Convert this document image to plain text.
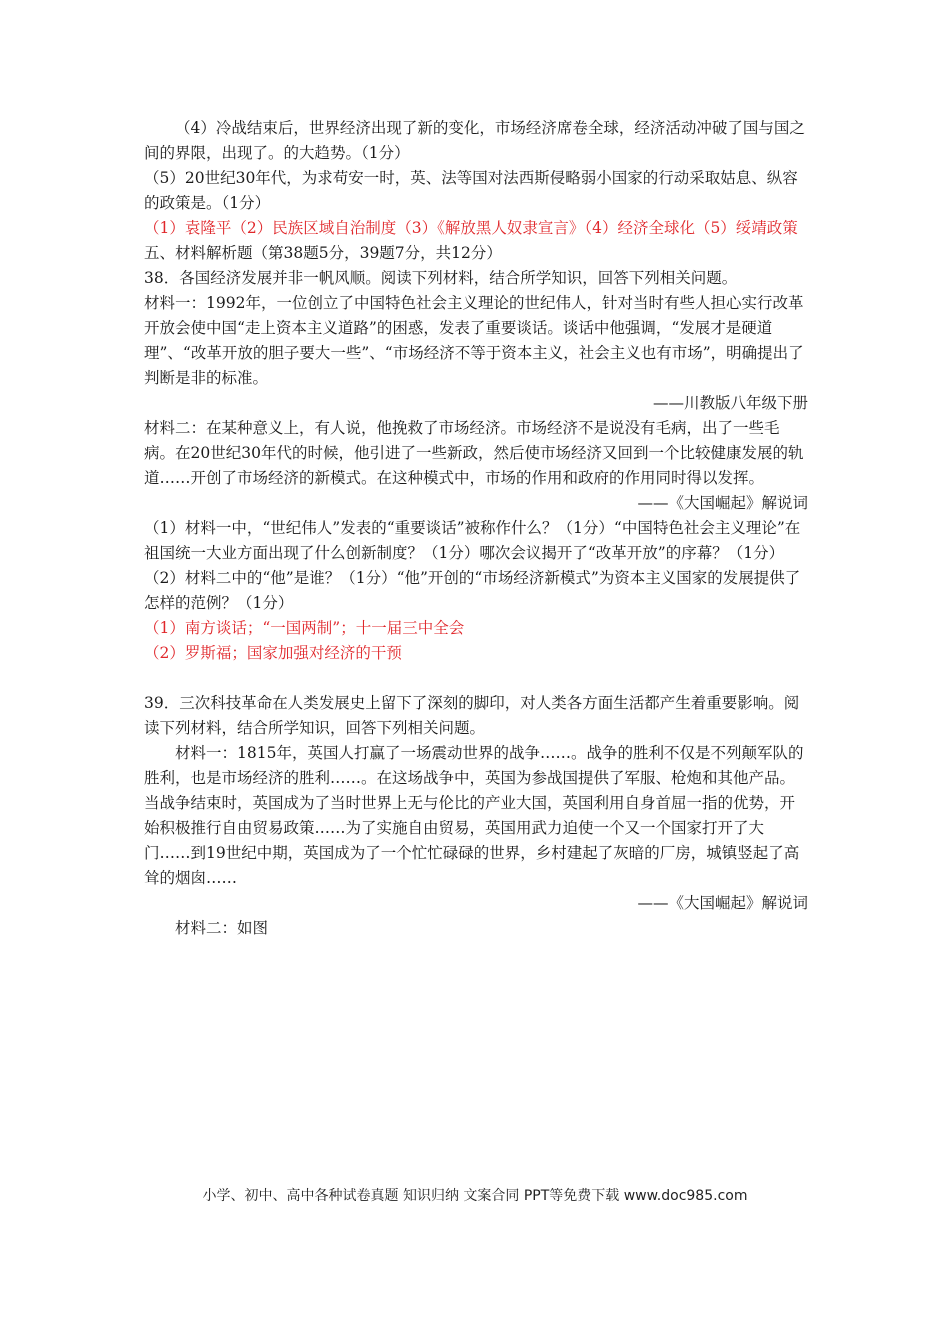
（4）冷战结束后，世界经济出现了新的变化，市场经济席卷全球，经济活动冲破了国与国之间的界限，出现了。的大趋势。（1分）

（5）20世纪30年代，为求苟安一时，英、法等国对法西斯侵略弱小国家的行动采取姑息、纵容的政策是。（1分）

（1）袁隆平（2）民族区域自治制度（3）《解放黑人奴隶宣言》（4）经济全球化（5）绥靖政策

五、材料解析题（第38题5分，39题7分，共12分）

38．各国经济发展并非一帆风顺。阅读下列材料，结合所学知识，回答下列相关问题。

材料一：1992年，一位创立了中国特色社会主义理论的世纪伟人，针对当时有些人担心实行改革开放会使中国“走上资本主义道路”的困惑，发表了重要谈话。谈话中他强调，“发展才是硬道理”、“改革开放的胆子要大一些”、“市场经济不等于资本主义，社会主义也有市场”，明确提出了判断是非的标准。

——川教版八年级下册

材料二：在某种意义上，有人说，他挽救了市场经济。市场经济不是说没有毛病，出了一些毛病。在20世纪30年代的时候，他引进了一些新政，然后使市场经济又回到一个比较健康发展的轨道……开创了市场经济的新模式。在这种模式中，市场的作用和政府的作用同时得以发挥。

——《大国崛起》解说词

（1）材料一中，“世纪伟人”发表的“重要谈话”被称作什么？（1分）“中国特色社会主义理论”在祖国统一大业方面出现了什么创新制度？（1分）哪次会议揭开了“改革开放”的序幕？（1分）

（2）材料二中的“他”是谁？（1分）“他”开创的“市场经济新模式”为资本主义国家的发展提供了怎样的范例？（1分）

（1）南方谈话；“一国两制”；十一届三中全会

（2）罗斯福；国家加强对经济的干预

39．三次科技革命在人类发展史上留下了深刻的脚印，对人类各方面生活都产生着重要影响。阅读下列材料，结合所学知识，回答下列相关问题。

材料一：1815年，英国人打赢了一场震动世界的战争……。战争的胜利不仅是不列颠军队的胜利，也是市场经济的胜利……。在这场战争中，英国为参战国提供了军服、枪炮和其他产品。当战争结束时，英国成为了当时世界上无与伦比的产业大国，英国利用自身首屈一指的优势，开始积极推行自由贸易政策……为了实施自由贸易，英国用武力迫使一个又一个国家打开了大门……到19世纪中期，英国成为了一个忙忙碌碌的世界，乡村建起了灰暗的厂房，城镇竖起了高耸的烟囱……

——《大国崛起》解说词

材料二：如图

小学、初中、高中各种试卷真题 知识归纳 文案合同 PPT等免费下载 www.doc985.com
